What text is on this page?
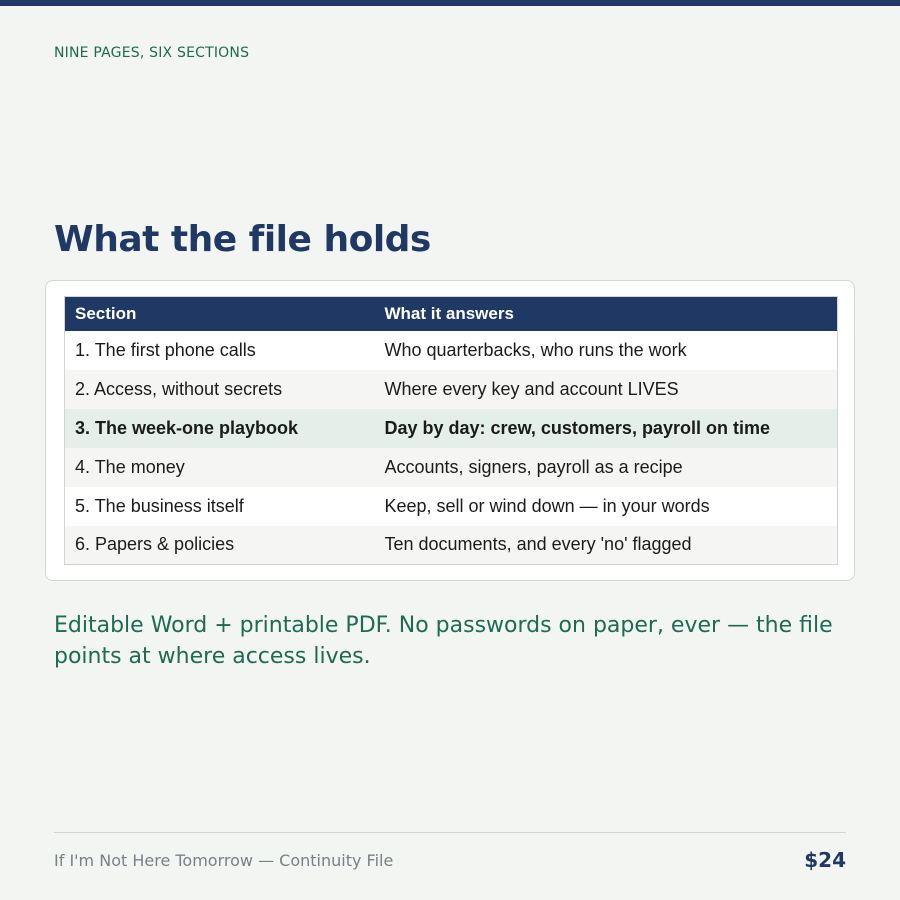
NINE PAGES, SIX SECTIONS
What the file holds
Section	What it answers
1. The first phone calls	Who quarterbacks, who runs the work
2. Access, without secrets	Where every key and account LIVES
3. The week-one playbook	Day by day: crew, customers, payroll on time
4. The money	Accounts, signers, payroll as a recipe
5. The business itself	Keep, sell or wind down — in your words
6. Papers & policies	Ten documents, and every 'no' flagged

Editable Word + printable PDF. No passwords on paper, ever — the file points at where access lives.

If I'm Not Here Tomorrow — Continuity File	$24
